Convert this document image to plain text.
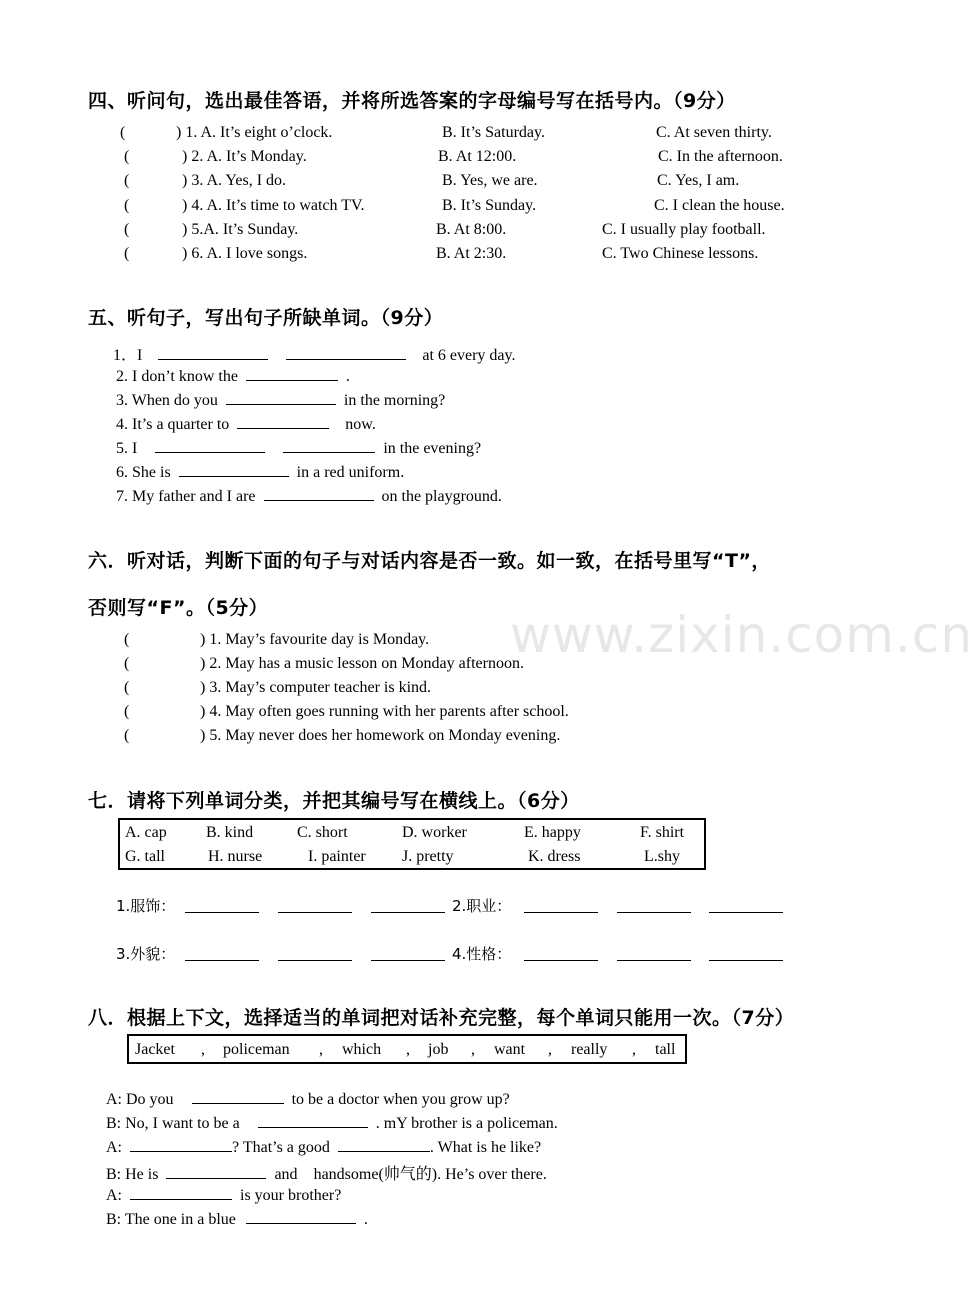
www.zixin.com.cn
四、听问句，选出最佳答语，并将所选答案的字母编号写在括号内。（9分）
(	) 1. A. It’s eight o’clock.	B. It’s Saturday.	C. At seven thirty.
(	) 2. A. It’s Monday.	B. At 12:00.	C. In the afternoon.
(	) 3. A. Yes, I do.	B. Yes, we are.	C. Yes, I am.
(	) 4. A. It’s time to watch TV.	B. It’s Sunday.	C. I clean the house.
(	) 5.A. It’s Sunday.	B. At 8:00.	C. I usually play football.
(	) 6. A. I love songs.	B. At 2:30.	C. Two Chinese lessons.
五、听句子，写出句子所缺单词。（9分）
1．I	at 6 every day.
2. I don’t know the	.
3. When do you	in the morning?
4. It’s a quarter to	now.
5. I	in the evening?
6. She is	in a red uniform.
7. My father and I are	on the playground.
六．听对话，判断下面的句子与对话内容是否一致。如一致，在括号里写“T”，
否则写“F”。（5分）
(	) 1. May’s favourite day is Monday.
(	) 2. May has a music lesson on Monday afternoon.
(	) 3. May’s computer teacher is kind.
(	) 4. May often goes running with her parents after school.
(	) 5. May never does her homework on Monday evening.
七．请将下列单词分类，并把其编号写在横线上。（6分）
A. cap B. kind	C. short	D. worker	E. happy	F. shirt
G. tall	H. nurse	I. painter J. pretty	K. dress	L.shy
1.服饰：	2.职业：
3.外貌：	4.性格：
八．根据上下文，选择适当的单词把对话补充完整，每个单词只能用一次。（7分）
Jacket , policeman , which , job , want , really , tall
A: Do you	to be a doctor when you grow up?
B: No, I want to be a	. mY brother is a policeman.
A:	? That’s a good	. What is he like?
B: He is	and handsome(帅气的). He’s over there.
A:	is your brother?
B: The one in a blue	.
